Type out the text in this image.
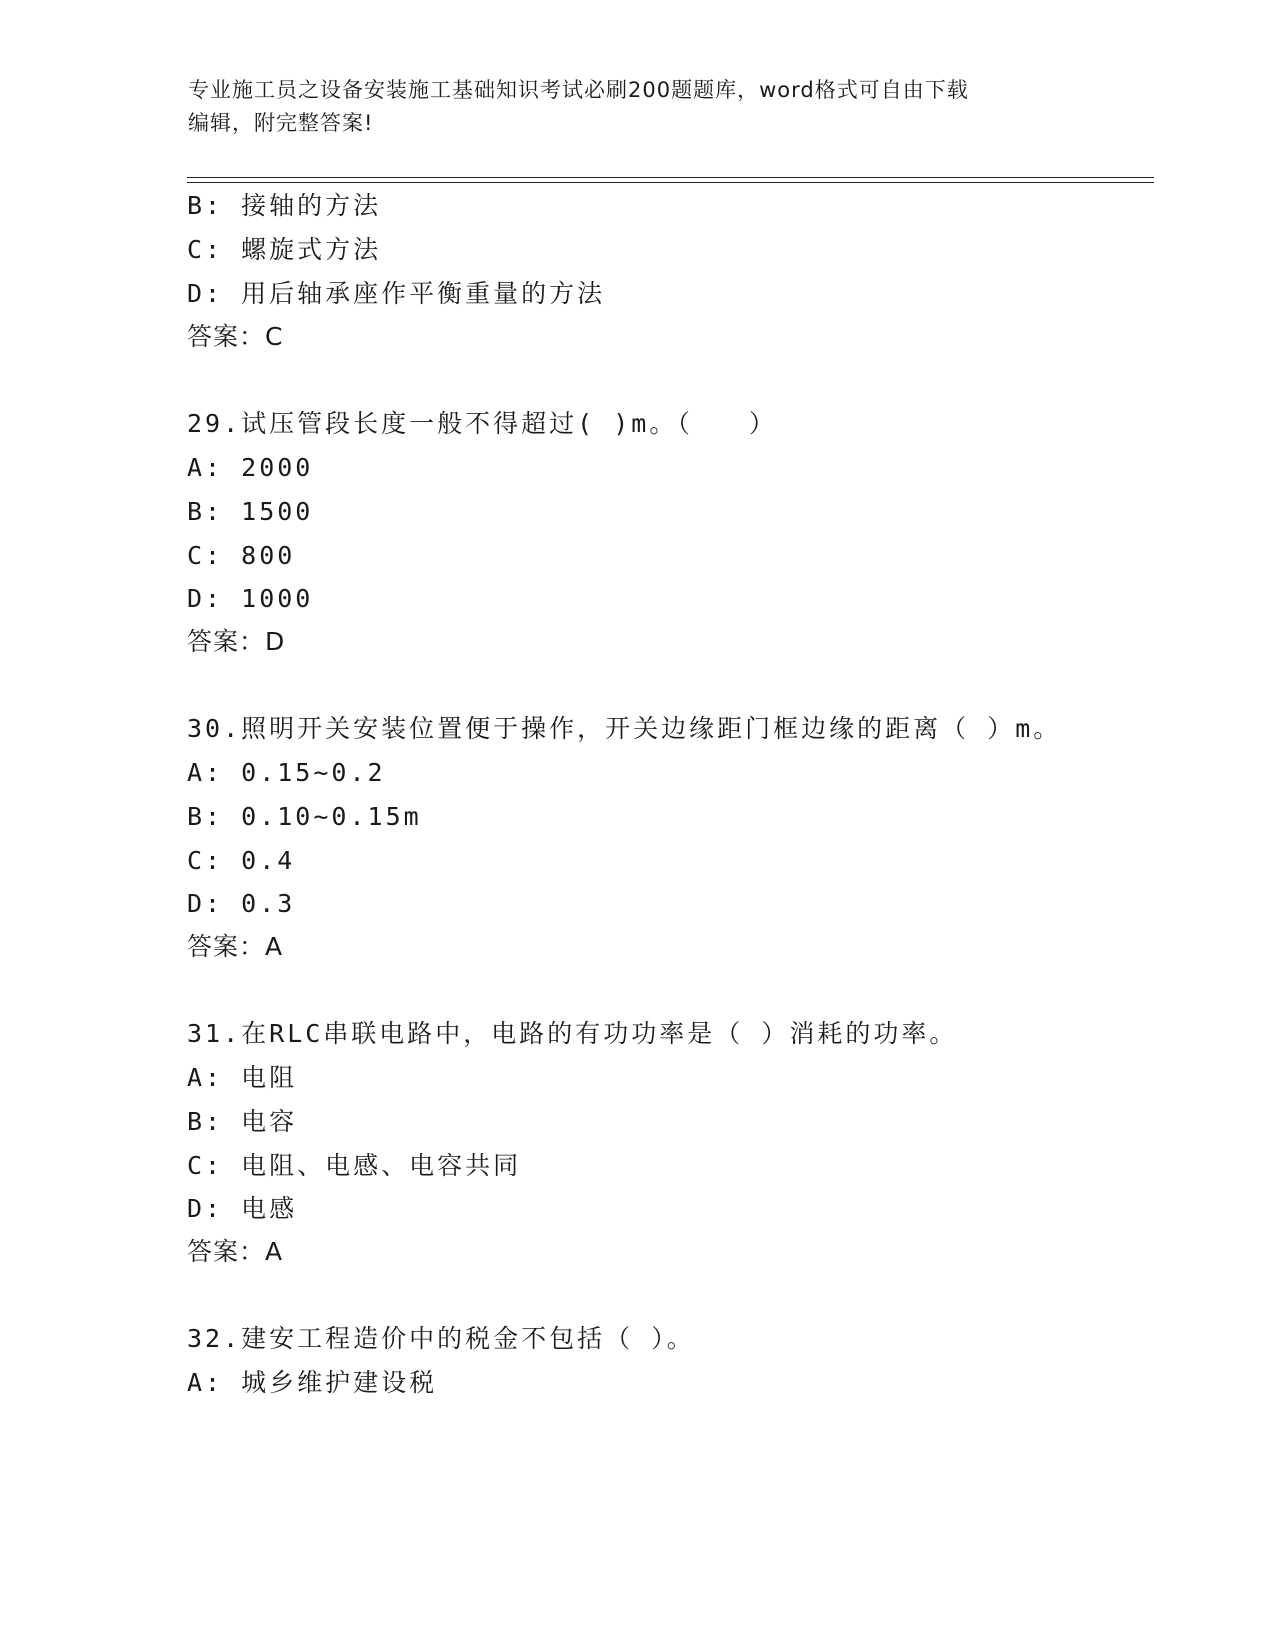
专业施工员之设备安装施工基础知识考试必刷200题题库，word格式可自由下载
编辑，附完整答案!
B: 接轴的方法
C: 螺旋式方法
D: 用后轴承座作平衡重量的方法
答案：C
29.试压管段长度一般不得超过( )m。（　　）
A: 2000
B: 1500
C: 800
D: 1000
答案：D
30.照明开关安装位置便于操作，开关边缘距门框边缘的距离（ ）m。
A: 0.15~0.2
B: 0.10~0.15m
C: 0.4
D: 0.3
答案：A
31.在RLC串联电路中，电路的有功功率是（ ）消耗的功率。
A: 电阻
B: 电容
C: 电阻、电感、电容共同
D: 电感
答案：A
32.建安工程造价中的税金不包括（ ）。
A: 城乡维护建设税
